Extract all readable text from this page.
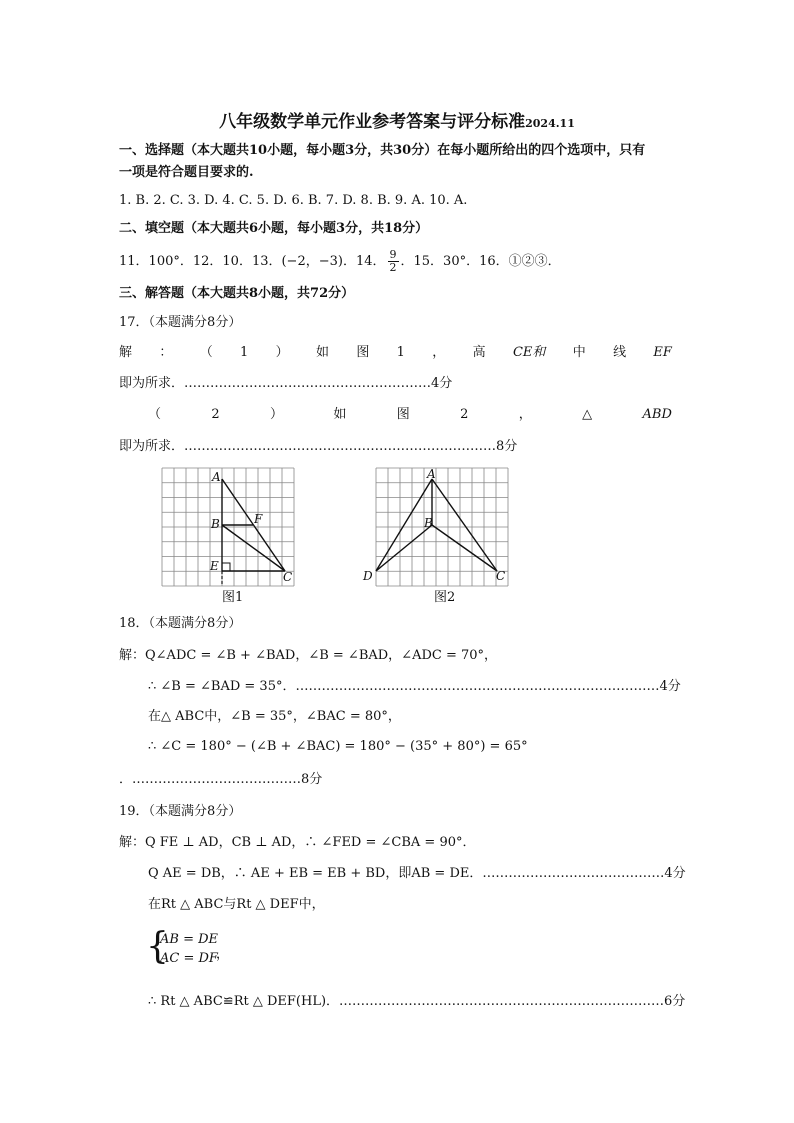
八年级数学单元作业参考答案与评分标准2024.11
一、选择题（本大题共10小题，每小题3分，共30分）在每小题所给出的四个选项中，只有
一项是符合题目要求的.
1. B. 2. C. 3. D. 4. C. 5. D. 6. B. 7. D. 8. B. 9. A. 10. A.
二、填空题（本大题共6小题，每小题3分，共18分）
11．100°．12．10．13．(−2，−3)．14． $\frac{9}{2}$ ．15．30°．16．①②③．
三、解答题（本大题共8小题，共72分）
17．（本题满分8分）
解 ： （ 1 ） 如 图 1 ， 高 CE和 中 线 EF
即为所求．…………………………………………………4分
（	2	）	如	图	2	，	△	ABD
即为所求．………………………………………………………………8分
A
B	F
E
C
图1
A
B
D	C
图2
18．（本题满分8分）
解：Q∠ADC = ∠B + ∠BAD，∠B = ∠BAD，∠ADC = 70°，
∴ ∠B = ∠BAD = 35°．…………………………………………………………………………4分
在△ ABC中，∠B = 35°，∠BAC = 80°，
∴ ∠C = 180° − (∠B + ∠BAC) = 180° − (35° + 80°) = 65°
．…………………………………8分
19．（本题满分8分）
解：Q FE ⊥ AD，CB ⊥ AD，∴ ∠FED = ∠CBA = 90°．
Q AE = DB，∴ AE + EB = EB + BD，即AB = DE．……………………………………4分
在Rt △ ABC与Rt △ DEF中，
{
AB = DE
AC = DF
，
∴ Rt △ ABC≌Rt △ DEF(HL)．…………………………………………………………………6分
